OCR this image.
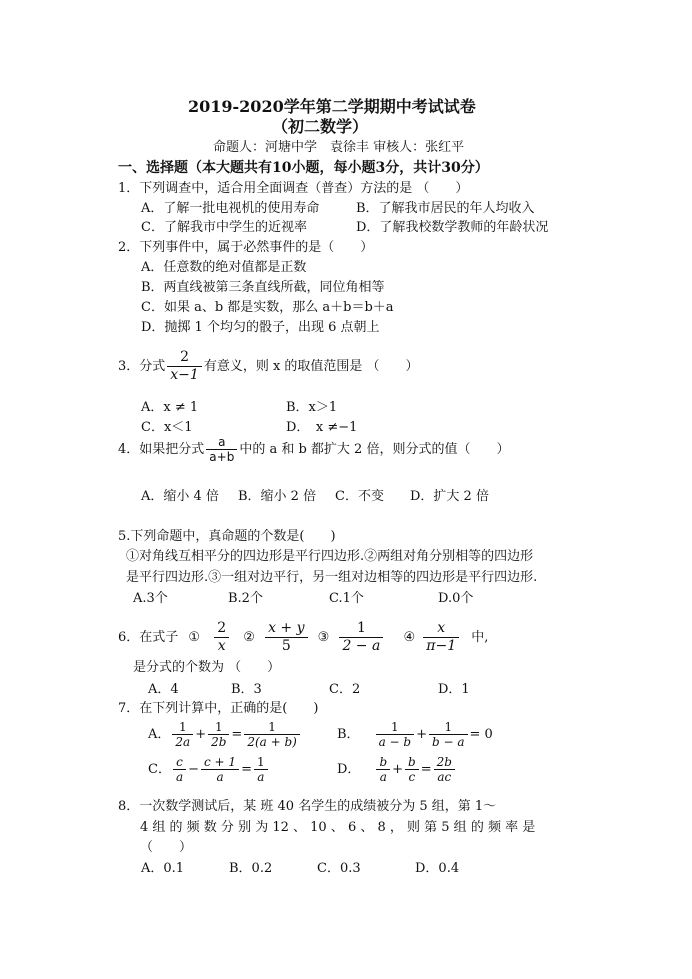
2019-2020学年第二学期期中考试试卷
（初二数学）
命题人：河塘中学　袁徐丰 审核人：张红平
一、选择题（本大题共有10小题，每小题3分，共计30分）
1．下列调查中，适合用全面调查（普查）方法的是 （　　）
A．了解一批电视机的使用寿命	B．了解我市居民的年人均收入
C．了解我市中学生的近视率	D．了解我校数学教师的年龄状况
2．下列事件中，属于必然事件的是（　　）
A．任意数的绝对值都是正数
B．两直线被第三条直线所截，同位角相等
C．如果 a、b 都是实数，那么 a＋b＝b＋a
D．抛掷 1 个均匀的骰子，出现 6 点朝上
3．分式 $\frac{2}{x-1}$ 有意义，则 x 的取值范围是 （　　）
A．x ≠ 1	B．x＞1
C．x＜1	D．　x ≠−1
4．如果把分式 $\frac{a}{a+b}$ 中的 a 和 b 都扩大 2 倍，则分式的值（　　）
A．缩小 4 倍 B．缩小 2 倍 C．不变 D．扩大 2 倍
5.下列命题中，真命题的个数是(　　)
①对角线互相平分的四边形是平行四边形.②两组对角分别相等的四边形
是平行四边形.③一组对边平行，另一组对边相等的四边形是平行四边形.
A.3个	B.2个	C.1个	D.0个
6．在式子 ① $\frac{2}{x}$ ② $\frac{x + y}{5}$ ③ $\frac{1}{2 - a}$ ④ $\frac{x}{\pi-1}$ 中,
是分式的个数为 （　　）
A．4	B．3	C．2	D．1
7．在下列计算中，正确的是(　　)
A． $\frac{1}{2a} + \frac{1}{2b} = \frac{1}{2(a + b)}$	B． $\frac{1}{a - b} + \frac{1}{b - a} = 0$
C． $\frac{c}{a} - \frac{c + 1}{a} = \frac{1}{a}$	D． $\frac{b}{a} + \frac{b}{c} = \frac{2b}{ac}$
8．一次数学测试后，某 班 40 名学生的成绩被分为 5 组，第 1～
4 组 的 频 数 分 别 为 12 、 10 、 6 、 8 ， 则 第 5 组 的 频 率 是
（　　）
A．0.1	B．0.2	C．0.3	D．0.4
